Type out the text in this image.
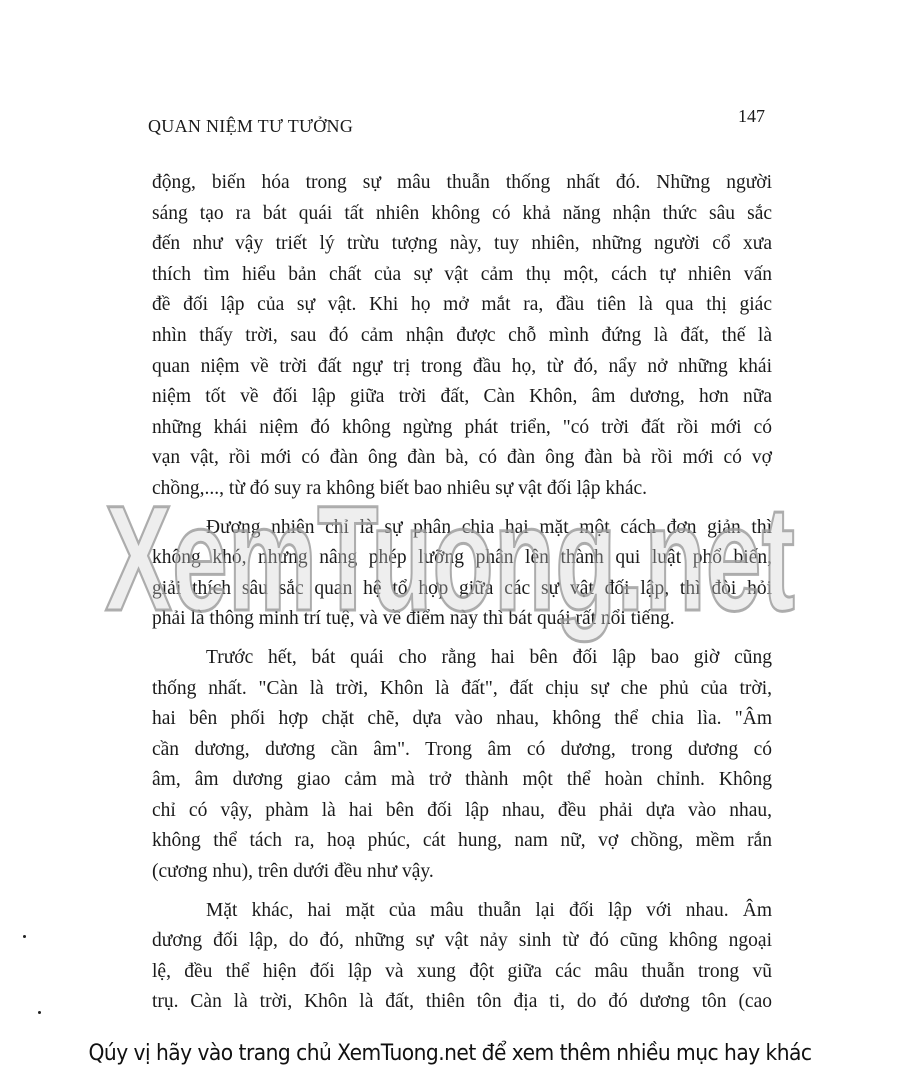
QUAN NIỆM TƯ TƯỞNG	147
động, biến hóa trong sự mâu thuẫn thống nhất đó. Những người
sáng tạo ra bát quái tất nhiên không có khả năng nhận thức sâu sắc
đến như vậy triết lý trừu tượng này, tuy nhiên, những người cổ xưa
thích tìm hiểu bản chất của sự vật cảm thụ một, cách tự nhiên vấn
đề đối lập của sự vật. Khi họ mở mắt ra, đầu tiên là qua thị giác
nhìn thấy trời, sau đó cảm nhận được chỗ mình đứng là đất, thế là
quan niệm về trời đất ngự trị trong đầu họ, từ đó, nẩy nở những khái
niệm tốt về đối lập giữa trời đất, Càn Khôn, âm dương, hơn nữa
những khái niệm đó không ngừng phát triển, "có trời đất rồi mới có
vạn vật, rồi mới có đàn ông đàn bà, có đàn ông đàn bà rồi mới có vợ
chồng,..., từ đó suy ra không biết bao nhiêu sự vật đối lập khác.
Đương nhiên chỉ là sự phân chia hai mặt một cách đơn giản thì
không khó, nhưng nâng phép lưỡng phân lên thành qui luật phổ biến,
giải thích sâu sắc quan hệ tổ hợp giữa các sự vật đối lập, thì đòi hỏi
phải là thông minh trí tuệ, và về điểm này thì bát quái rất nổi tiếng.
Trước hết, bát quái cho rằng hai bên đối lập bao giờ cũng
thống nhất. "Càn là trời, Khôn là đất", đất chịu sự che phủ của trời,
hai bên phối hợp chặt chẽ, dựa vào nhau, không thể chia lìa. "Âm
cần dương, dương cần âm". Trong âm có dương, trong dương có
âm, âm dương giao cảm mà trở thành một thể hoàn chỉnh. Không
chỉ có vậy, phàm là hai bên đối lập nhau, đều phải dựa vào nhau,
không thể tách ra, hoạ phúc, cát hung, nam nữ, vợ chồng, mềm rắn
(cương nhu), trên dưới đều như vậy.
Mặt khác, hai mặt của mâu thuẫn lại đối lập với nhau. Âm
dương đối lập, do đó, những sự vật nảy sinh từ đó cũng không ngoại
lệ, đều thể hiện đối lập và xung đột giữa các mâu thuẫn trong vũ
trụ. Càn là trời, Khôn là đất, thiên tôn địa ti, do đó dương tôn (cao
XemTuong.net
Qúy vị hãy vào trang chủ XemTuong.net để xem thêm nhiều mục hay khác
